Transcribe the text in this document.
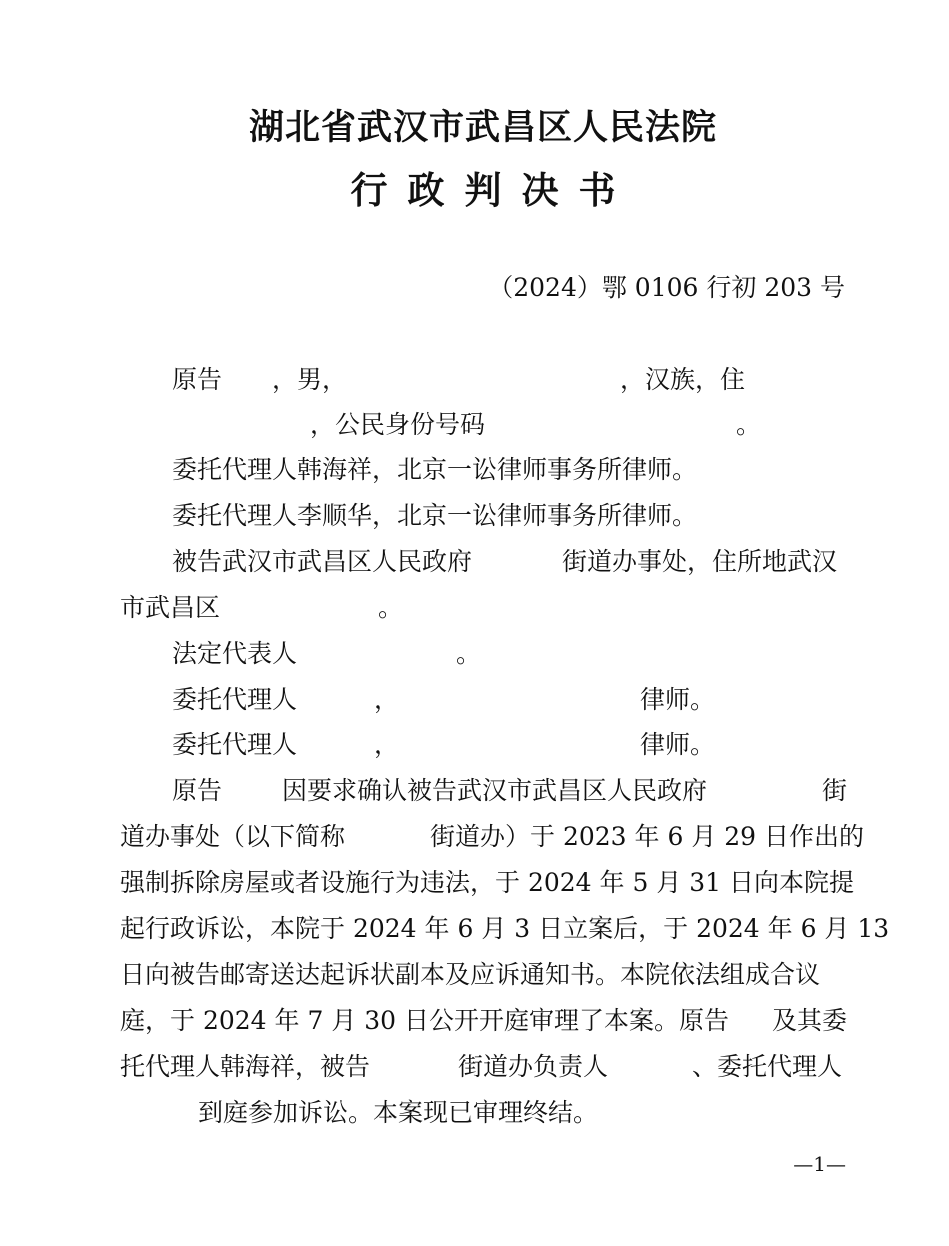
湖北省武汉市武昌区人民法院
行 政 判 决 书
（2024）鄂 0106 行初 203 号
原告 ，男，	，汉族，住
，公民身份号码	。
委托代理人韩海祥，北京一讼律师事务所律师。
委托代理人李顺华，北京一讼律师事务所律师。
被告武汉市武昌区人民政府	街道办事处，住所地武汉
市武昌区	。
法定代表人	。
委托代理人	，	律师。
委托代理人	，	律师。
原告 因要求确认被告武汉市武昌区人民政府	街
道办事处（以下简称	街道办）于 2023 年 6 月 29 日作出的
强制拆除房屋或者设施行为违法，于 2024 年 5 月 31 日向本院提
起行政诉讼，本院于 2024 年 6 月 3 日立案后，于 2024 年 6 月 13
日向被告邮寄送达起诉状副本及应诉通知书。本院依法组成合议
庭，于 2024 年 7 月 30 日公开开庭审理了本案。原告 及其委
托代理人韩海祥，被告	街道办负责人	、委托代理人
到庭参加诉讼。本案现已审理终结。
—1—
